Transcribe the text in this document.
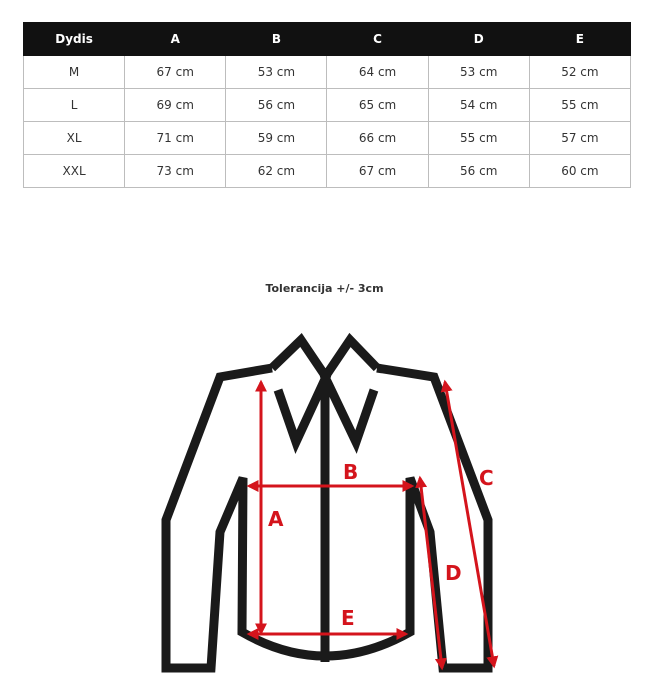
Dydis	A	B	C	D	E
M	67 cm	53 cm	64 cm	53 cm	52 cm
L	69 cm	56 cm	65 cm	54 cm	55 cm
XL	71 cm	59 cm	66 cm	55 cm	57 cm
XXL	73 cm	62 cm	67 cm	56 cm	60 cm
Tolerancija +/- 3cm
A
B	C
D
E
